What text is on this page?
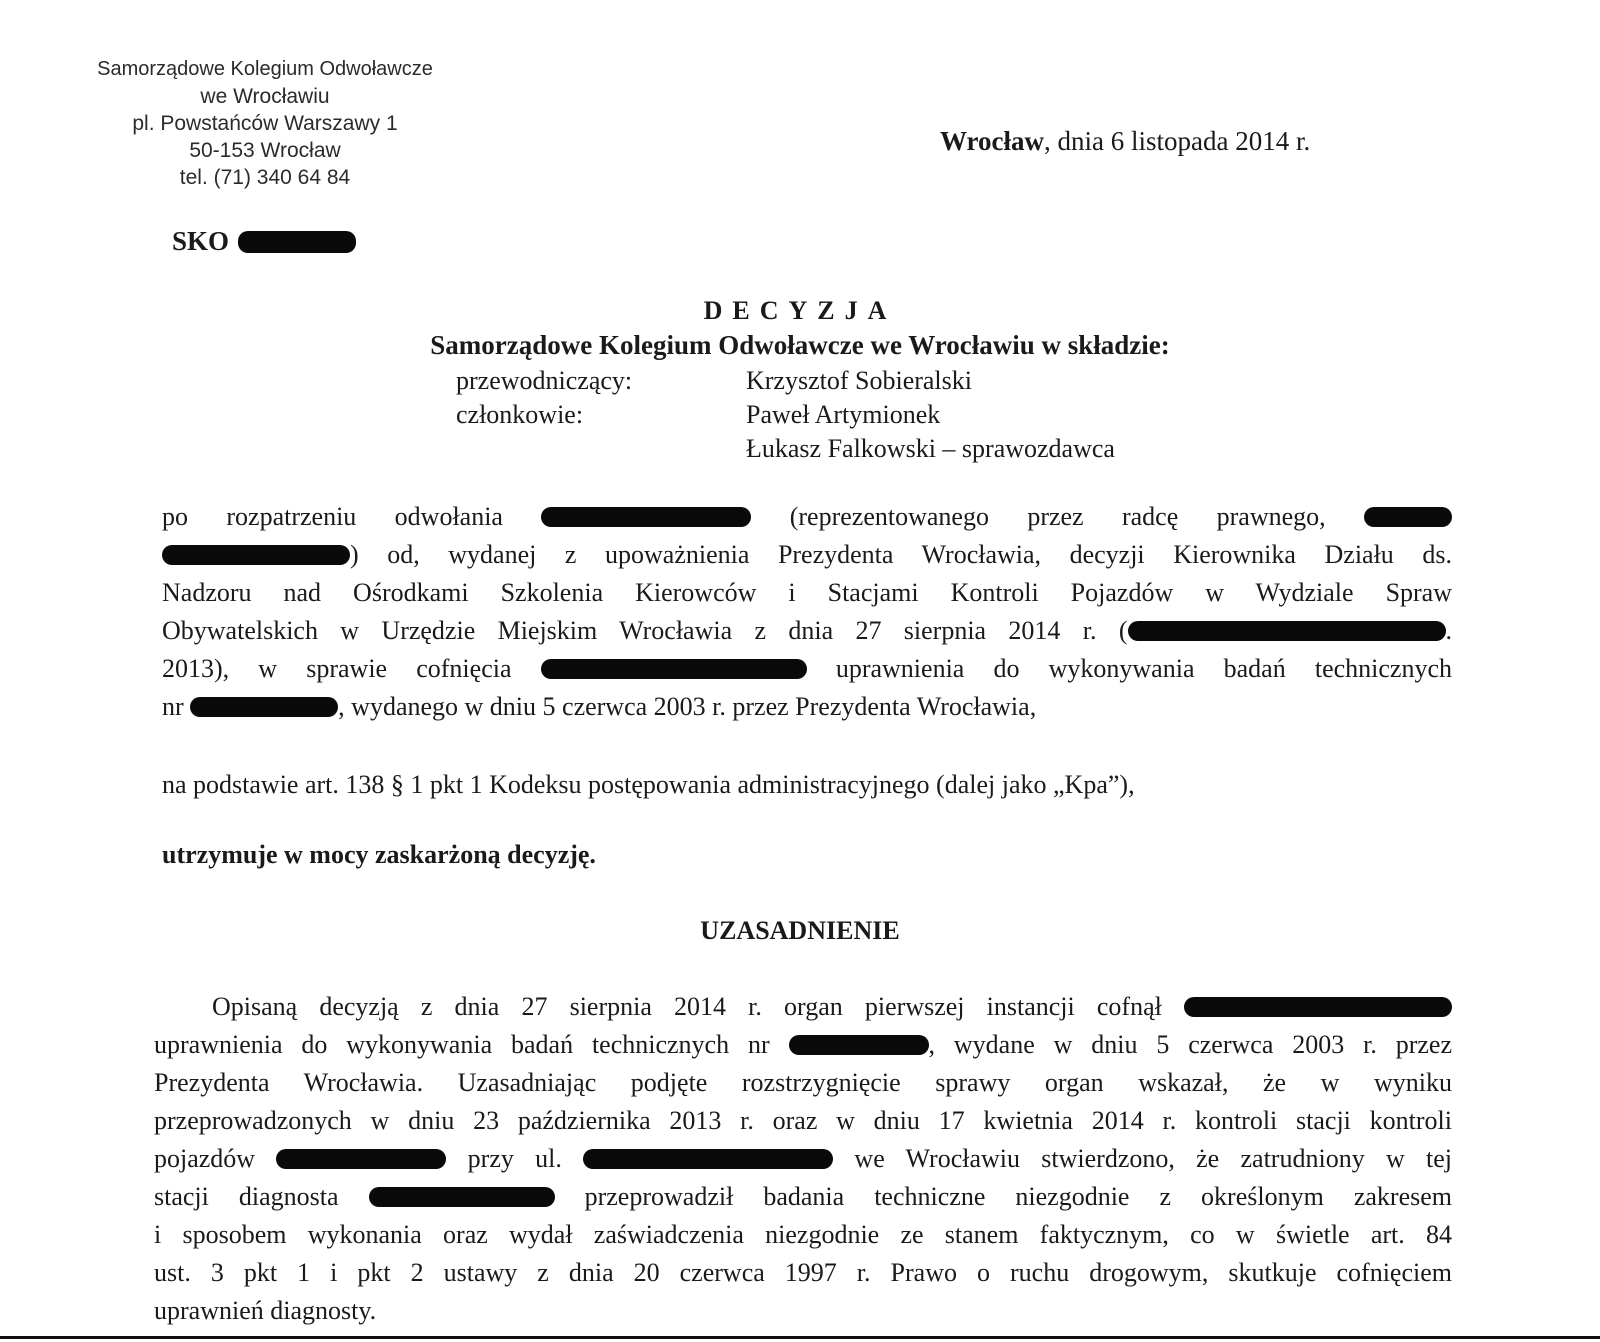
Samorządowe Kolegium Odwoławcze
we Wrocławiu
pl. Powstańców Warszawy 1
50-153 Wrocław
tel. (71) 340 64 84
Wrocław, dnia 6 listopada 2014 r.
SKO
DECYZJA
Samorządowe Kolegium Odwoławcze we Wrocławiu w składzie:
przewodniczący:	Krzysztof Sobieralski
członkowie:	Paweł Artymionek
Łukasz Falkowski – sprawozdawca
po rozpatrzeniu odwołania	(reprezentowanego przez radcę prawnego,
) od, wydanej z upoważnienia Prezydenta Wrocławia, decyzji Kierownika Działu ds.
Nadzoru nad Ośrodkami Szkolenia Kierowców i Stacjami Kontroli Pojazdów w Wydziale Spraw
Obywatelskich w Urzędzie Miejskim Wrocławia z dnia 27 sierpnia 2014 r. (	.
2013), w sprawie cofnięcia	uprawnienia do wykonywania badań technicznych
nr	, wydanego w dniu 5 czerwca 2003 r. przez Prezydenta Wrocławia,
na podstawie art. 138 § 1 pkt 1 Kodeksu postępowania administracyjnego (dalej jako „Kpa”),
utrzymuje w mocy zaskarżoną decyzję.
UZASADNIENIE
Opisaną decyzją z dnia 27 sierpnia 2014 r. organ pierwszej instancji cofnął
uprawnienia do wykonywania badań technicznych nr	, wydane w dniu 5 czerwca 2003 r. przez
Prezydenta Wrocławia. Uzasadniając podjęte rozstrzygnięcie sprawy organ wskazał, że w wyniku
przeprowadzonych w dniu 23 października 2013 r. oraz w dniu 17 kwietnia 2014 r. kontroli stacji kontroli
pojazdów	przy ul.	we Wrocławiu stwierdzono, że zatrudniony w tej
stacji diagnosta	przeprowadził badania techniczne niezgodnie z określonym zakresem
i sposobem wykonania oraz wydał zaświadczenia niezgodnie ze stanem faktycznym, co w świetle art. 84
ust. 3 pkt 1 i pkt 2 ustawy z dnia 20 czerwca 1997 r. Prawo o ruchu drogowym, skutkuje cofnięciem
uprawnień diagnosty.
